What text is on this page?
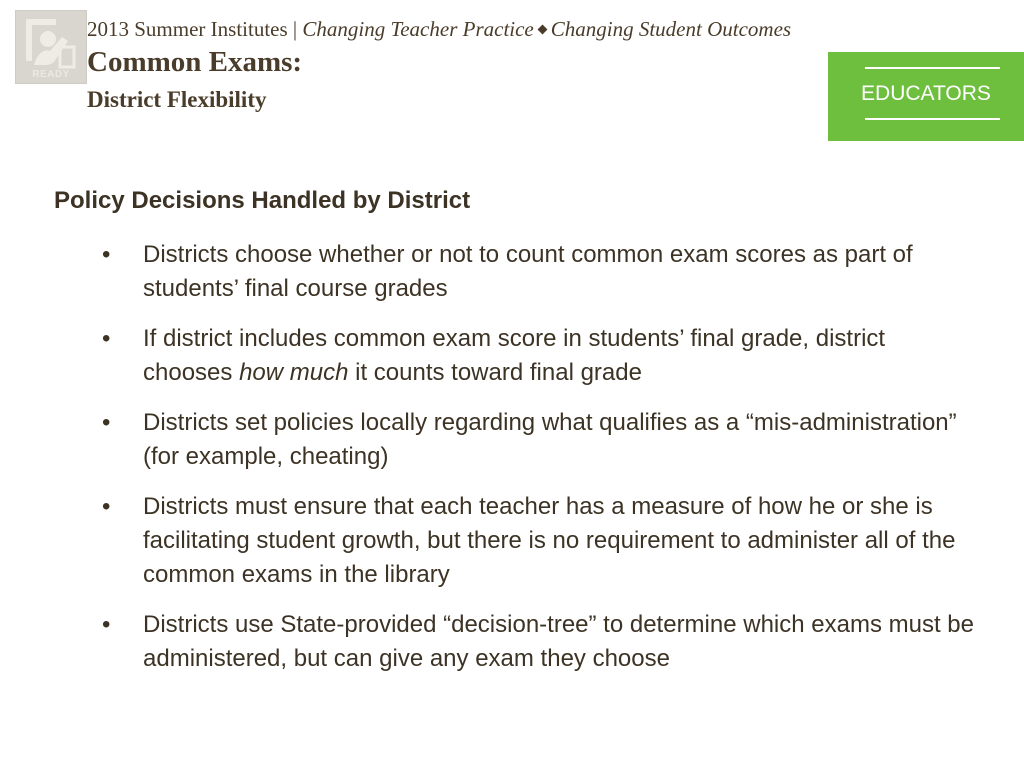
READY
2013 Summer Institutes | Changing Teacher Practice Changing Student Outcomes
Common Exams:
District Flexibility	EDUCATORS
Policy Decisions Handled by District
• Districts choose whether or not to count common exam scores as part of students’ final course grades
• If district includes common exam score in students’ final grade, district chooses how much it counts toward final grade
• Districts set policies locally regarding what qualifies as a “mis-administration” (for example, cheating)
• Districts must ensure that each teacher has a measure of how he or she is facilitating student growth, but there is no requirement to administer all of the common exams in the library
• Districts use State-provided “decision-tree” to determine which exams must be administered, but can give any exam they choose
